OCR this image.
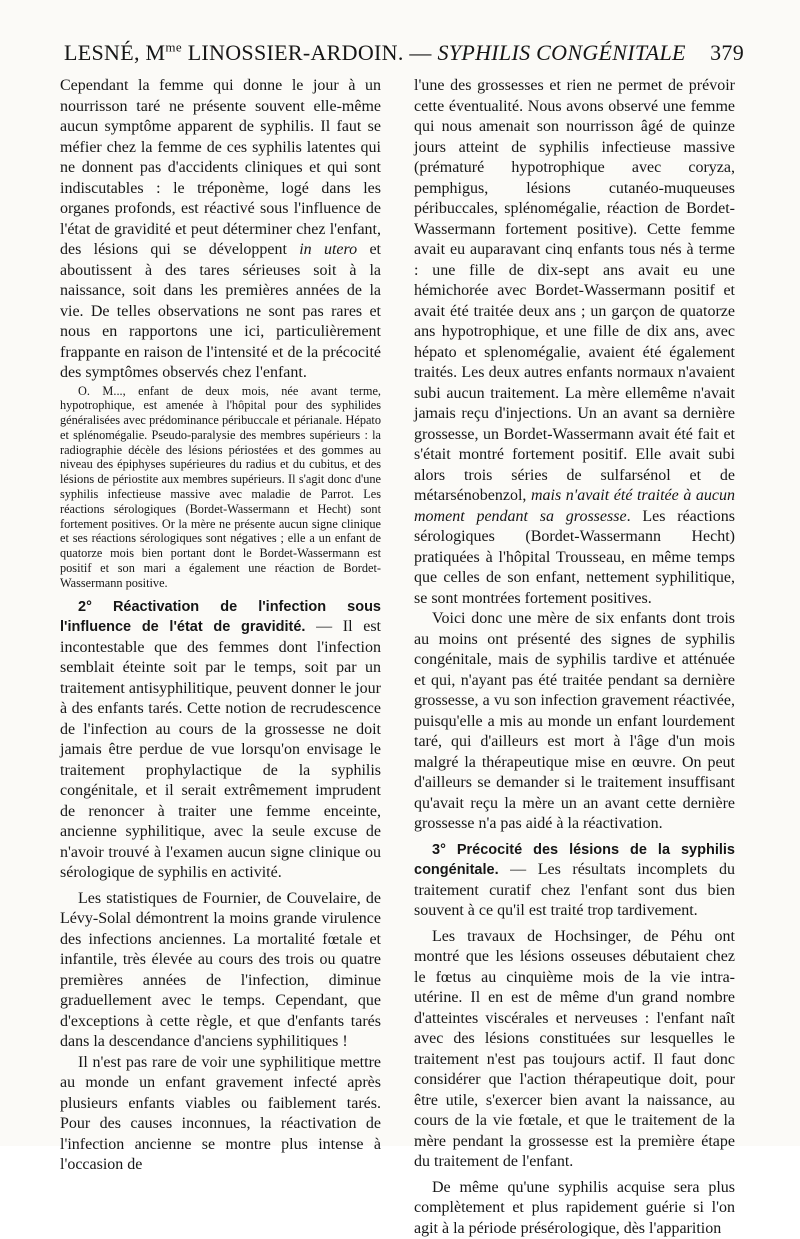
LESNÉ, $M^{me}$ LINOSSIER-ARDOIN. — SYPHILIS CONGÉNITALE 379

Cependant la femme qui donne le jour à un nourrisson taré ne présente souvent elle-même aucun symptôme apparent de syphilis. Il faut se méfier chez la femme de ces syphilis latentes qui ne donnent pas d'accidents cliniques et qui sont indiscutables : le tréponème, logé dans les organes profonds, est réactivé sous l'influence de l'état de gravidité et peut déterminer chez l'enfant, des lésions qui se développent in utero et aboutissent à des tares sérieuses soit à la naissance, soit dans les premières années de la vie. De telles observations ne sont pas rares et nous en rapportons une ici, particulièrement frappante en raison de l'intensité et de la précocité des symptômes observés chez l'enfant.

O. M..., enfant de deux mois, née avant terme, hypotrophique, est amenée à l'hôpital pour des syphilides généralisées avec prédominance péribuccale et périanale. Hépato et splénomégalie. Pseudo-paralysie des membres supérieurs : la radiographie décèle des lésions périostées et des gommes au niveau des épiphyses supérieures du radius et du cubitus, et des lésions de périostite aux membres supérieurs. Il s'agit donc d'une syphilis infectieuse massive avec maladie de Parrot. Les réactions sérologiques (Bordet-Wassermann et Hecht) sont fortement positives. Or la mère ne présente aucun signe clinique et ses réactions sérologiques sont négatives ; elle a un enfant de quatorze mois bien portant dont le Bordet-Wassermann est positif et son mari a également une réaction de Bordet-Wassermann positive.

2° Réactivation de l'infection sous l'influence de l'état de gravidité. — Il est incontestable que des femmes dont l'infection semblait éteinte soit par le temps, soit par un traitement antisyphilitique, peuvent donner le jour à des enfants tarés. Cette notion de recrudescence de l'infection au cours de la grossesse ne doit jamais être perdue de vue lorsqu'on envisage le traitement prophylactique de la syphilis congénitale, et il serait extrêmement imprudent de renoncer à traiter une femme enceinte, ancienne syphilitique, avec la seule excuse de n'avoir trouvé à l'examen aucun signe clinique ou sérologique de syphilis en activité.

Les statistiques de Fournier, de Couvelaire, de Lévy-Solal démontrent la moins grande virulence des infections anciennes. La mortalité fœtale et infantile, très élevée au cours des trois ou quatre premières années de l'infection, diminue graduellement avec le temps. Cependant, que d'exceptions à cette règle, et que d'enfants tarés dans la descendance d'anciens syphilitiques !

Il n'est pas rare de voir une syphilitique mettre au monde un enfant gravement infecté après plusieurs enfants viables ou faiblement tarés. Pour des causes inconnues, la réactivation de l'infection ancienne se montre plus intense à l'occasion de

l'une des grossesses et rien ne permet de prévoir cette éventualité. Nous avons observé une femme qui nous amenait son nourrisson âgé de quinze jours atteint de syphilis infectieuse massive (prématuré hypotrophique avec coryza, pemphigus, lésions cutanéo-muqueuses péribuccales, splénomégalie, réaction de Bordet-Wassermann fortement positive). Cette femme avait eu auparavant cinq enfants tous nés à terme : une fille de dix-sept ans avait eu une hémichorée avec Bordet-Wassermann positif et avait été traitée deux ans ; un garçon de quatorze ans hypotrophique, et une fille de dix ans, avec hépato et splenomégalie, avaient été également traités. Les deux autres enfants normaux n'avaient subi aucun traitement. La mère ellemême n'avait jamais reçu d'injections. Un an avant sa dernière grossesse, un Bordet-Wassermann avait été fait et s'était montré fortement positif. Elle avait subi alors trois séries de sulfarsénol et de métarsénobenzol, mais n'avait été traitée à aucun moment pendant sa grossesse. Les réactions sérologiques (Bordet-Wassermann Hecht) pratiquées à l'hôpital Trousseau, en même temps que celles de son enfant, nettement syphilitique, se sont montrées fortement positives.

Voici donc une mère de six enfants dont trois au moins ont présenté des signes de syphilis congénitale, mais de syphilis tardive et atténuée et qui, n'ayant pas été traitée pendant sa dernière grossesse, a vu son infection gravement réactivée, puisqu'elle a mis au monde un enfant lourdement taré, qui d'ailleurs est mort à l'âge d'un mois malgré la thérapeutique mise en œuvre. On peut d'ailleurs se demander si le traitement insuffisant qu'avait reçu la mère un an avant cette dernière grossesse n'a pas aidé à la réactivation.

3° Précocité des lésions de la syphilis congénitale. — Les résultats incomplets du traitement curatif chez l'enfant sont dus bien souvent à ce qu'il est traité trop tardivement.

Les travaux de Hochsinger, de Péhu ont montré que les lésions osseuses débutaient chez le fœtus au cinquième mois de la vie intra-utérine. Il en est de même d'un grand nombre d'atteintes viscérales et nerveuses : l'enfant naît avec des lésions constituées sur lesquelles le traitement n'est pas toujours actif. Il faut donc considérer que l'action thérapeutique doit, pour être utile, s'exercer bien avant la naissance, au cours de la vie fœtale, et que le traitement de la mère pendant la grossesse est la première étape du traitement de l'enfant.

De même qu'une syphilis acquise sera plus complètement et plus rapidement guérie si l'on agit à la période présérologique, dès l'apparition
